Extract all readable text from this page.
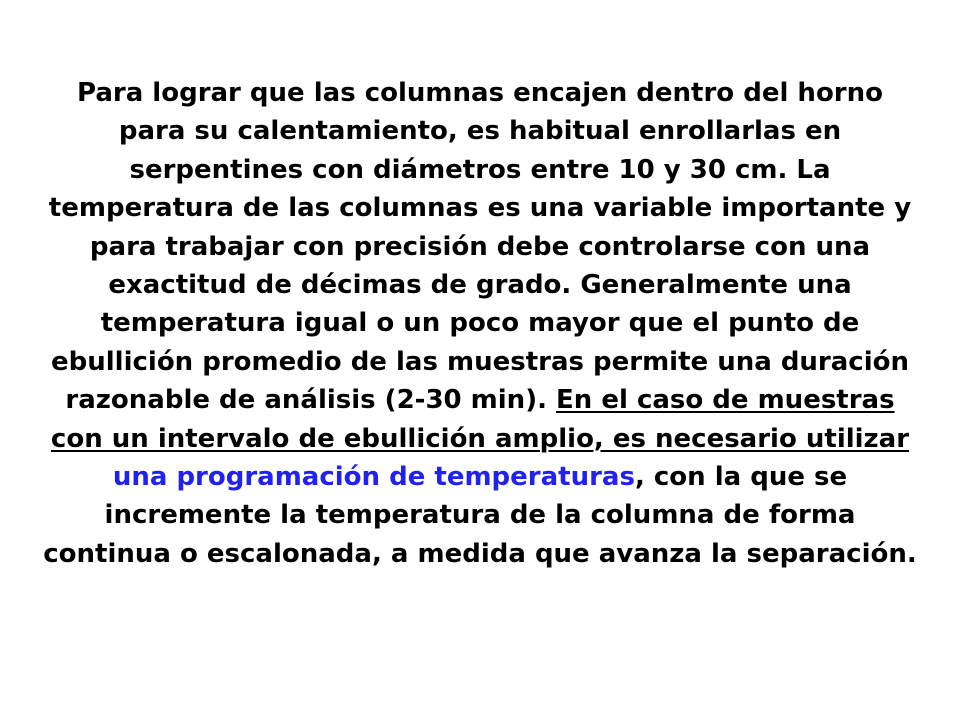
Para lograr que las columnas encajen dentro del horno para su calentamiento, es habitual enrollarlas en serpentines con diámetros entre 10 y 30 cm. La temperatura de las columnas es una variable importante y para trabajar con precisión debe controlarse con una exactitud de décimas de grado. Generalmente una temperatura igual o un poco mayor que el punto de ebullición promedio de las muestras permite una duración razonable de análisis (2-30 min). En el caso de muestras con un intervalo de ebullición amplio, es necesario utilizar una programación de temperaturas, con la que se incremente la temperatura de la columna de forma continua o escalonada, a medida que avanza la separación.
